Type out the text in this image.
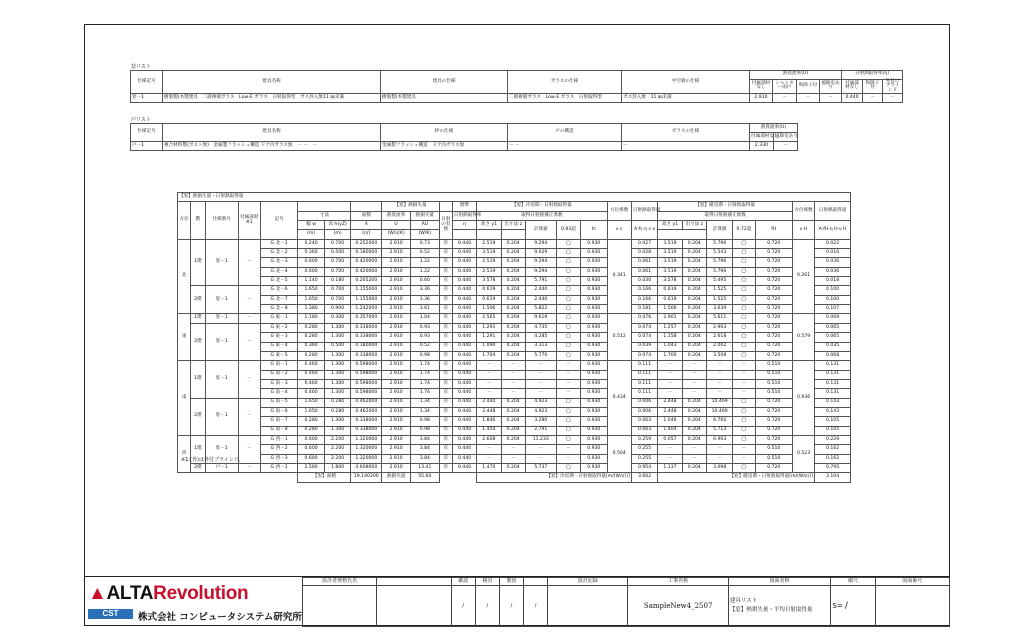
窓リスト
仕様記号	建具名称	建具の仕様	ガラスの仕様	中空層の仕様	熱貫流率(U)				日射熱取得率(η)		
					付属部材なし	シャッター雨戸	和障子付	風除室あり	付属部材なし	和障子付	外付けブラインド

窓－1	樹脂製(木製建具　二層複層ガラス　Low-E ガラス　日射取得型　ガス封入無11 ㎜未満	樹脂製(木製建具	二層複層ガラス　Low-E ガラス　日射取得型	ガス封入無　11 ㎜未満	2.910	－	－	－	0.440	－	－
戸リスト
仕様記号	建具名称	枠の仕様	戸の構造	ガラスの仕様	熱貫流率(U)		
					付属部材なし	風除室あり	
戸－1	複合材料製(ポスト無)　金属製フラッシュ構造 ドア内ガラス無　－ －　－	金属製フラッシュ構造　ドア内ガラス無	－ －	－	2.330	－	
【窓】熱損失量・日射熱取得量																									
方位	階	仕様番号	付属部材※1	記号				【窓】熱損失量			標準	【窓】冷房期・日射熱取得量					方位係数	日射熱取得量	【窓】暖房期・日射熱取得量					方位係数	日射熱取得量
					寸法		面積	熱貫流率	熱損失量	日射の有無	日射熱取得率	取得日射熱補正係数							取得日射熱補正係数						
					幅 w	高 h(yZ)	A	U	AU		η	高さ y1	出寸法 z	計算値	0.93超	fc	ν c	A·fc·η c·ν	高さ y1	出寸法 z	計算値	0.72超	fH	ν H	A·fH·η H·ν H
					(m)	(m)	(㎡)	(W/㎡K)	(W/K)																
北	1階	窓－1	－	G 北－1	0.240	0.700	0.252000	2.910	0.73	有	0.440	2.519	0.204	9.294	◯	0.930	0.341	0.027	3.519	0.204	5.796	◯	0.720	0.261	0.022
				G 北－2	0.360	0.500	0.180000	2.910	0.52	有	0.440	3.519	0.204	9.029	◯	0.930		0.028	3.519	0.204	5.543	◯	0.720		0.016
				G 北－3	0.600	0.700	0.420000	2.910	1.22	有	0.440	2.519	0.204	9.294	◯	0.930		0.061	3.519	0.204	5.796	◯	0.720		0.036
				G 北－4	0.600	0.700	0.420000	2.910	1.22	有	0.440	2.519	0.204	9.294	◯	0.930		0.061	3.519	0.204	5.796	◯	0.720		0.036
				G 北－5	1.140	0.180	0.205200	2.910	0.60	有	0.440	3.578	0.204	5.791	◯	0.930		0.030	3.578	0.204	5.495	◯	0.720		0.018
	2階	窓－1	－	G 北－6	1.650	0.700	1.155000	2.910	3.36	有	0.440	0.619	0.204	2.440	◯	0.930		0.166	0.619	0.204	1.525	◯	0.720		0.100
				G 北－7	1.650	0.700	1.155000	2.910	3.36	有	0.440	0.619	0.204	2.440	◯	0.930		0.166	0.619	0.204	1.525	◯	0.720		0.100
				G 北－8	1.380	0.900	1.242000	2.910	3.61	有	0.440	1.506	0.204	5.822	◯	0.930		0.181	1.506	0.204	3.639	◯	0.720		0.107
東	1階	窓－1	－	G 東－1	1.180	0.300	0.357000	2.910	1.04	有	0.440	2.565	0.204	9.619	◯	0.930	0.512	0.076	2.901	0.204	5.611	◯	0.720	0.579	0.069
	2階	窓－1	－	G 東－2	0.280	1.300	0.338000	2.910	0.93	有	0.440	1.291	0.204	4.735	◯	0.930		0.074	1.257	0.204	2.903	◯	0.720		0.065
				G 東－3	0.280	1.300	0.338000	2.910	0.93	有	0.440	1.291	0.204	4.285	◯	0.930		0.074	1.158	0.204	2.618	◯	0.720		0.065
				G 東－4	0.360	0.500	0.180000	2.910	0.52	有	0.440	1.090	0.204	3.313	◯	0.930		0.039	1.043	0.204	2.002	◯	0.720		0.035
				G 東－5	0.280	1.300	0.338000	2.910	0.98	有	0.440	1.704	0.204	5.770	◯	0.930		0.074	1.700	0.204	3.508	◯	0.720		0.068
南	1階	窓－1	－	G 南－1	0.460	1.300	0.598000	2.910	1.74	有	0.440	－	－	－	－	0.930	0.434	0.111	－	－	－	－	0.510	0.936	0.131
				G 南－2	0.460	1.300	0.598000	2.910	1.74	有	0.440	－	－	－	－	0.930		0.111	－	－	－	－	0.510		0.131
				G 南－3	0.460	1.300	0.598000	2.910	1.74	有	0.440	－	－	－	－	0.930		0.111	－	－	－	－	0.510		0.131
				G 南－4	0.460	1.300	0.598000	2.910	1.74	有	0.440	－	－	－	－	0.930		0.111	－	－	－	－	0.510		0.131
	2階	窓－1	－	G 南－5	1.650	0.280	0.462000	2.910	1.34	有	0.440	2.440	0.204	4.923	◯	0.930		0.006	2.448	0.204	10.469	◯	0.720		0.143
				G 南－6	1.650	0.280	0.462000	2.910	1.34	有	0.440	2.448	0.204	4.923	◯	0.930		0.006	2.448	0.204	10.469	◯	0.720		0.143
				G 南－7	0.280	1.300	0.338000	2.910	0.98	有	0.440	1.846	0.204	3.280	◯	0.930		0.063	1.046	0.204	6.760	◯	0.720		0.105
				G 南－8	0.280	1.300	0.338000	2.910	0.98	有	0.440	1.454	0.204	2.791	◯	0.930		0.063	1.404	0.204	5.713	◯	0.720		0.105
西	1階	窓－1	－	G 西－1	0.600	2.200	1.320000	2.910	3.84	有	0.440	2.608	0.204	11.233	◯	0.930	0.504	0.259	0.057	0.204	6.903	◯	0.720	0.523	0.229
				G 西－2	0.600	2.200	1.320000	2.910	3.84	有	0.440	－	－	－	－	0.930		0.255	－	－	－	－	0.510		0.162
				G 西－3	0.600	2.200	1.320000	2.910	3.84	有	0.440	－	－	－	－	0.930		0.255	－	－	－	－	0.510		0.162
	2階	戸－1	－	G 西－1	2.560	1.800	4.608000	2.910	13.41	有	0.440	1.470	0.204	5.737	◯	0.930		0.954	1.137	0.204	3.098	◯	0.720		0.795
					【窓】面積		19.140200	熱損失量	55.60			【窓】冷房期・日射熱取得量[m/(W/㎡)]						3.662	【窓】暖房期・日射熱取得量[m/(W/㎡)]						3.104
※1:(外)は外付ブラインド。
▲ALTARevolution
CST	株式会社 コンピュータシステム研究所
設計者資格氏名		確認	検討	製図		設計記録	工事名称	図面名称	縮尺	図面番号
		/	/	/	/		SampleNew4_2507	建具リスト
【窓】熱損失量・平均日射取得量	S= /	
